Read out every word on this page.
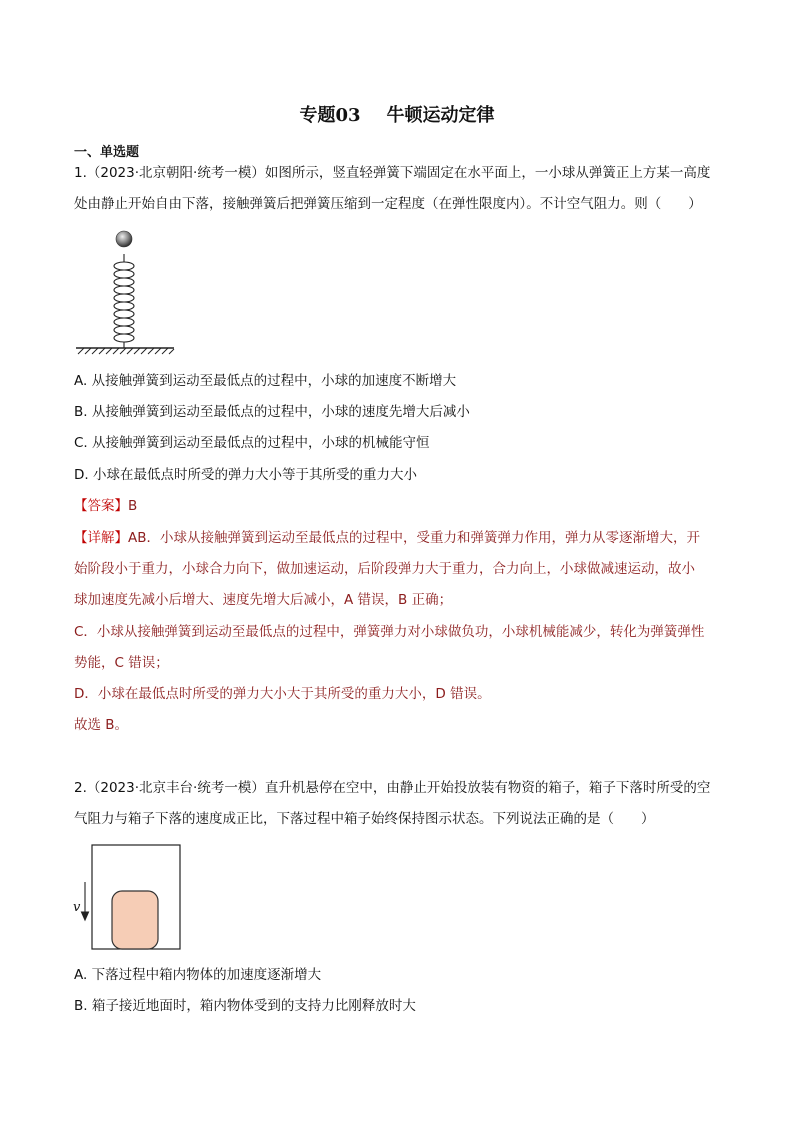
专题03 牛顿运动定律
一、单选题
1.（2023·北京朝阳·统考一模）如图所示，竖直轻弹簧下端固定在水平面上，一小球从弹簧正上方某一高度
处由静止开始自由下落，接触弹簧后把弹簧压缩到一定程度（在弹性限度内）。不计空气阻力。则（　　）
A. 从接触弹簧到运动至最低点的过程中，小球的加速度不断增大
B. 从接触弹簧到运动至最低点的过程中，小球的速度先增大后减小
C. 从接触弹簧到运动至最低点的过程中，小球的机械能守恒
D. 小球在最低点时所受的弹力大小等于其所受的重力大小
【答案】B
【详解】AB．小球从接触弹簧到运动至最低点的过程中，受重力和弹簧弹力作用，弹力从零逐渐增大，开
始阶段小于重力，小球合力向下，做加速运动，后阶段弹力大于重力，合力向上，小球做减速运动，故小
球加速度先减小后增大、速度先增大后减小，A 错误，B 正确；
C．小球从接触弹簧到运动至最低点的过程中，弹簧弹力对小球做负功，小球机械能减少，转化为弹簧弹性
势能，C 错误；
D．小球在最低点时所受的弹力大小大于其所受的重力大小，D 错误。
故选 B。
2.（2023·北京丰台·统考一模）直升机悬停在空中，由静止开始投放装有物资的箱子，箱子下落时所受的空
气阻力与箱子下落的速度成正比，下落过程中箱子始终保持图示状态。下列说法正确的是（　　）
v
A. 下落过程中箱内物体的加速度逐渐增大
B. 箱子接近地面时，箱内物体受到的支持力比刚释放时大
